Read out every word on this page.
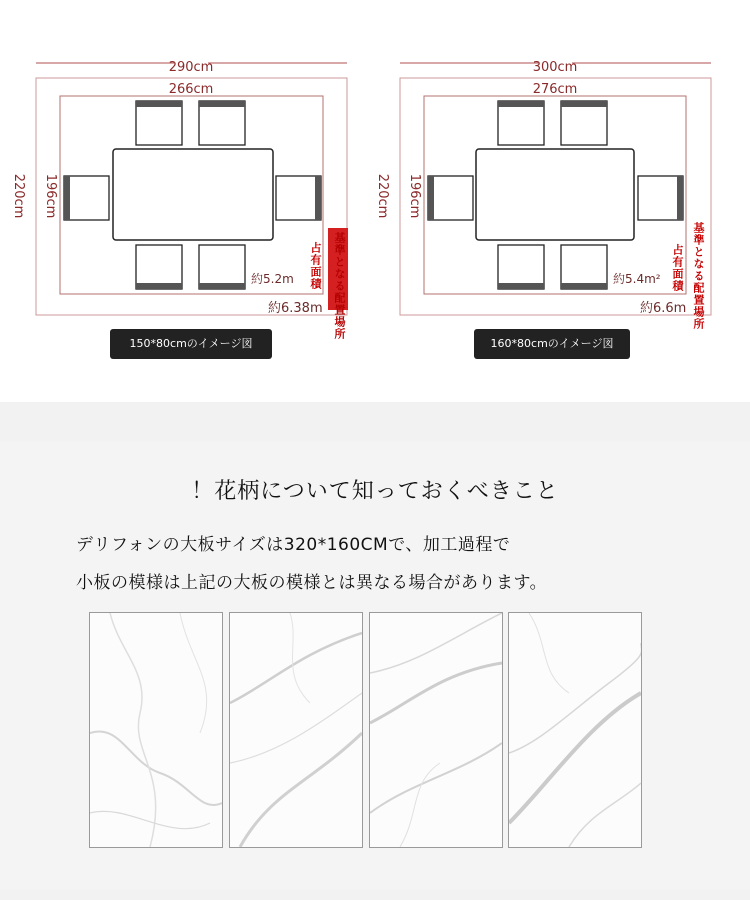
290cm
266cm
220cm 196cm
約5.2m
約6.38m
300cm
276cm
220cm 196cm
約5.4m²
約6.6m
占有面積 基準となる配置場所	占有面積 基準となる配置場所
150*80cmのイメージ図	160*80cmのイメージ図
！花柄について知っておくべきこと
デリフォンの大板サイズは320*160CMで、加工過程で
小板の模様は上記の大板の模様とは異なる場合があります。
